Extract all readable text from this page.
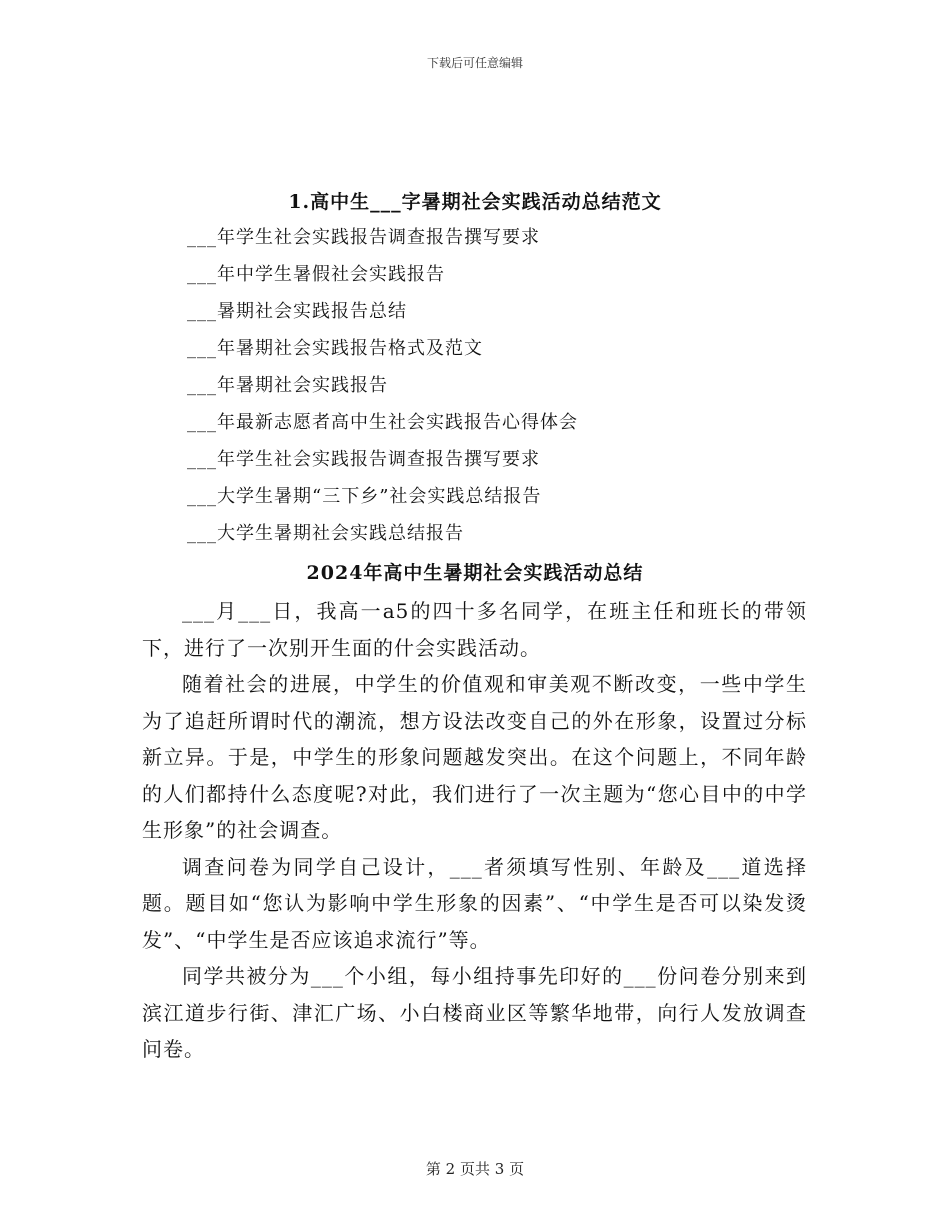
下载后可任意编辑
1.高中生___字暑期社会实践活动总结范文
___年学生社会实践报告调查报告撰写要求
___年中学生暑假社会实践报告
___暑期社会实践报告总结
___年暑期社会实践报告格式及范文
___年暑期社会实践报告
___年最新志愿者高中生社会实践报告心得体会
___年学生社会实践报告调查报告撰写要求
___大学生暑期“三下乡”社会实践总结报告
___大学生暑期社会实践总结报告
2024年高中生暑期社会实践活动总结

___月___日，我高一a5的四十多名同学，在班主任和班长的带领下，进行了一次别开生面的什会实践活动。

随着社会的进展，中学生的价值观和审美观不断改变，一些中学生为了追赶所谓时代的潮流，想方设法改变自己的外在形象，设置过分标新立异。于是，中学生的形象问题越发突出。在这个问题上，不同年龄的人们都持什么态度呢?对此，我们进行了一次主题为“您心目中的中学生形象”的社会调查。

调查问卷为同学自己设计，___者须填写性别、年龄及___道选择题。题目如“您认为影响中学生形象的因素”、“中学生是否可以染发烫发”、“中学生是否应该追求流行”等。

同学共被分为___个小组，每小组持事先印好的___份问卷分别来到滨江道步行街、津汇广场、小白楼商业区等繁华地带，向行人发放调查问卷。

第 2 页共 3 页
